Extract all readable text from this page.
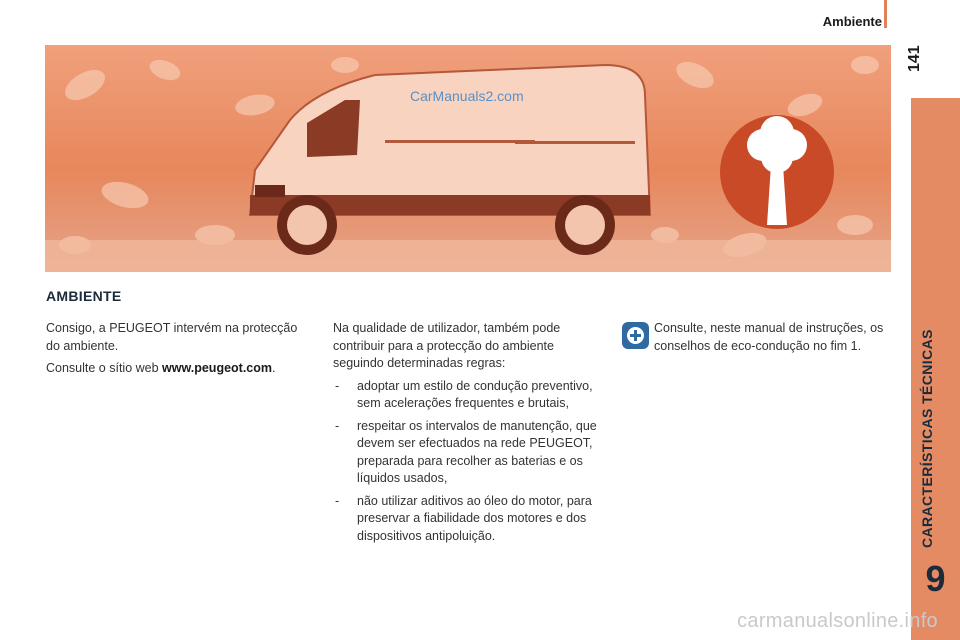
Ambiente
141
CARACTERÍSTICAS TÉCNICAS
9
CarManuals2.com
AMBIENTE

Consigo, a PEUGEOT intervém na protecção do ambiente.

Consulte o sítio web www.peugeot.com.

Na qualidade de utilizador, também pode contribuir para a protecção do ambiente seguindo determinadas regras:

- adoptar um estilo de condução preventivo, sem acelerações frequentes e brutais,
- respeitar os intervalos de manutenção, que devem ser efectuados na rede PEUGEOT, preparada para recolher as baterias e os líquidos usados,
- não utilizar aditivos ao óleo do motor, para preservar a fiabilidade dos motores e dos dispositivos antipoluição.

Consulte, neste manual de instruções, os conselhos de eco-condução no fim 1.

carmanualsonline.info
